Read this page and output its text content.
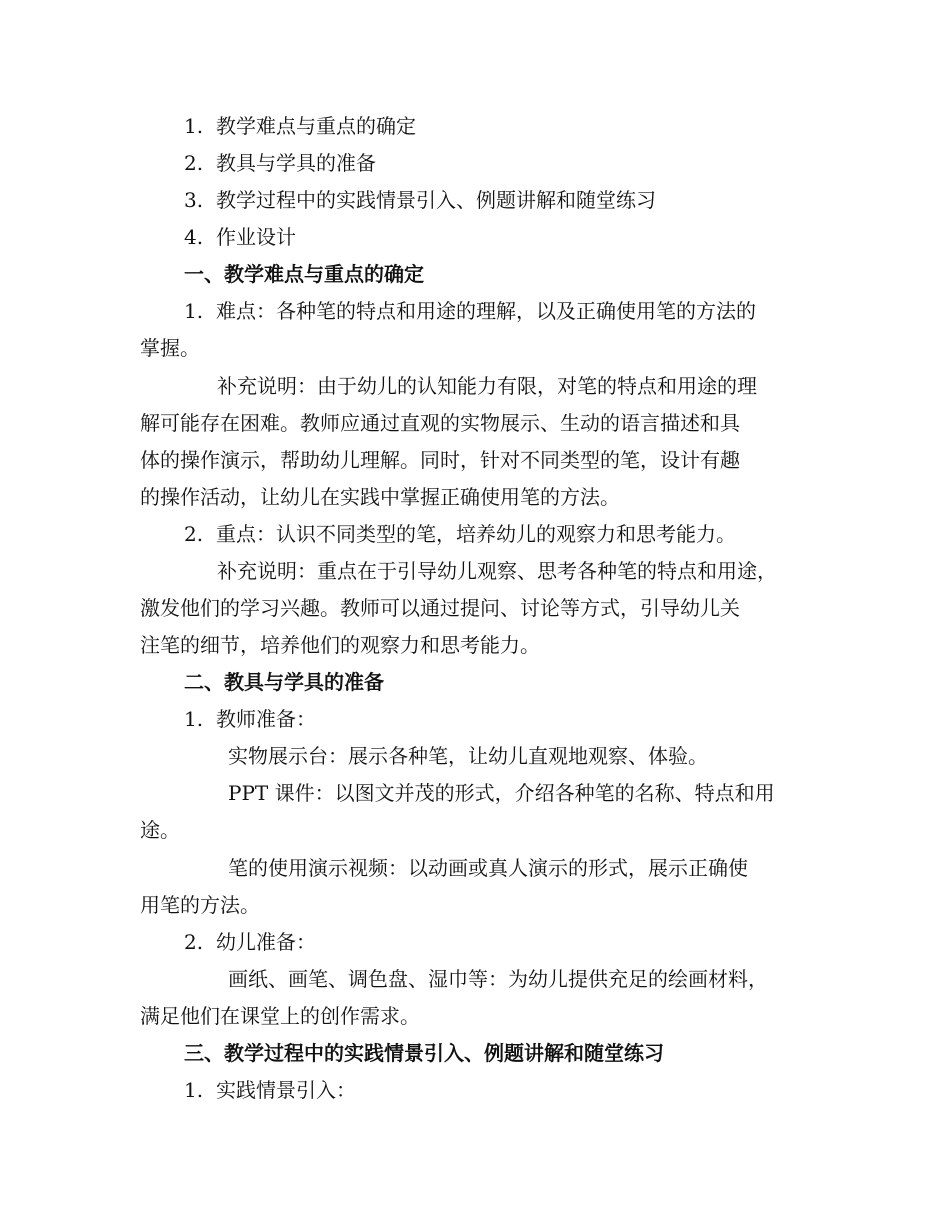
1. 教学难点与重点的确定
2. 教具与学具的准备
3. 教学过程中的实践情景引入、例题讲解和随堂练习
4. 作业设计
一、教学难点与重点的确定
1. 难点：各种笔的特点和用途的理解，以及正确使用笔的方法的
掌握。
补充说明：由于幼儿的认知能力有限，对笔的特点和用途的理
解可能存在困难。教师应通过直观的实物展示、生动的语言描述和具
体的操作演示，帮助幼儿理解。同时，针对不同类型的笔，设计有趣
的操作活动，让幼儿在实践中掌握正确使用笔的方法。
2. 重点：认识不同类型的笔，培养幼儿的观察力和思考能力。
补充说明：重点在于引导幼儿观察、思考各种笔的特点和用途，
激发他们的学习兴趣。教师可以通过提问、讨论等方式，引导幼儿关
注笔的细节，培养他们的观察力和思考能力。
二、教具与学具的准备
1. 教师准备：
实物展示台：展示各种笔，让幼儿直观地观察、体验。
PPT 课件：以图文并茂的形式，介绍各种笔的名称、特点和用
途。
笔的使用演示视频：以动画或真人演示的形式，展示正确使
用笔的方法。
2. 幼儿准备：
画纸、画笔、调色盘、湿巾等：为幼儿提供充足的绘画材料，
满足他们在课堂上的创作需求。
三、教学过程中的实践情景引入、例题讲解和随堂练习
1. 实践情景引入：
